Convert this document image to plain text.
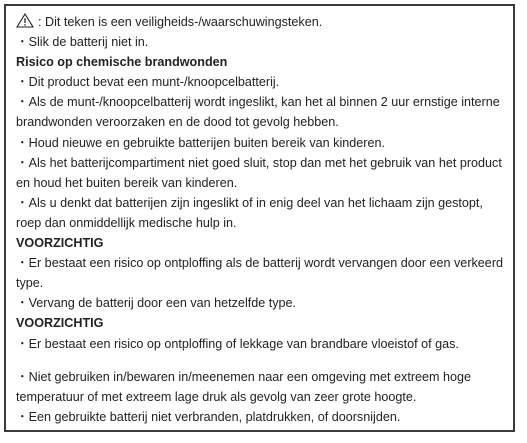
: Dit teken is een veiligheids-/waarschuwingsteken.

・Slik de batterij niet in.

Risico op chemische brandwonden

・Dit product bevat een munt-/knoopcelbatterij.

・Als de munt-/knoopcelbatterij wordt ingeslikt, kan het al binnen 2 uur ernstige interne brandwonden veroorzaken en de dood tot gevolg hebben.

・Houd nieuwe en gebruikte batterijen buiten bereik van kinderen.

・Als het batterijcompartiment niet goed sluit, stop dan met het gebruik van het product en houd het buiten bereik van kinderen.

・Als u denkt dat batterijen zijn ingeslikt of in enig deel van het lichaam zijn gestopt, roep dan onmiddellijk medische hulp in.

VOORZICHTIG

・Er bestaat een risico op ontploffing als de batterij wordt vervangen door een verkeerd type.

・Vervang de batterij door een van hetzelfde type.

VOORZICHTIG

・Er bestaat een risico op ontploffing of lekkage van brandbare vloeistof of gas.

・Niet gebruiken in/bewaren in/meenemen naar een omgeving met extreem hoge temperatuur of met extreem lage druk als gevolg van zeer grote hoogte.

・Een gebruikte batterij niet verbranden, platdrukken, of doorsnijden.
